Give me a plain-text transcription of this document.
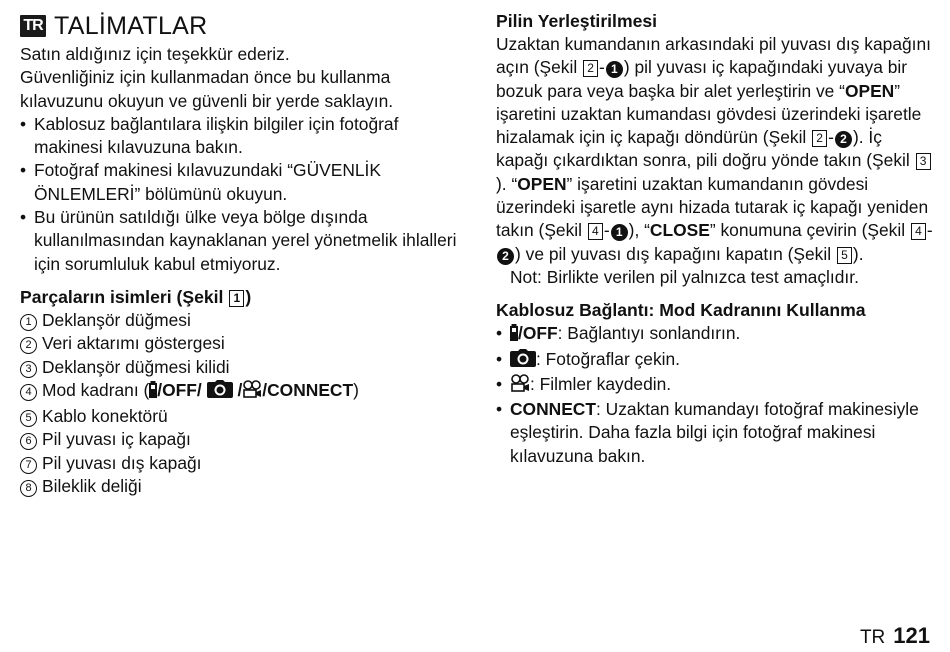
TR TALİMATLAR

Satın aldığınız için teşekkür ederiz.

Güvenliğiniz için kullanmadan önce bu kullanma kılavuzunu okuyun ve güvenli bir yerde saklayın.

• Kablosuz bağlantılara ilişkin bilgiler için fotoğraf makinesi kılavuzuna bakın.
• Fotoğraf makinesi kılavuzundaki “GÜVENLİK ÖNLEMLERİ” bölümünü okuyun.
• Bu ürünün satıldığı ülke veya bölge dışında kullanılmasından kaynaklanan yerel yönetmelik ihlalleri için sorumluluk kabul etmiyoruz.
Parçaların isimleri (Şekil 1 )
1 Deklanşör düğmesi
2 Veri aktarımı göstergesi
3 Deklanşör düğmesi kilidi
4 Mod kadranı ( /OFF/ / /CONNECT)
5 Kablo konektörü
6 Pil yuvası iç kapağı
7 Pil yuvası dış kapağı
8 Bileklik deliği
Pilin Yerleştirilmesi

Uzaktan kumandanın arkasındaki pil yuvası dış kapağını açın (Şekil 2 - 1 ) pil yuvası iç kapağındaki yuvaya bir bozuk para veya başka bir alet yerleştirin ve “OPEN” işaretini uzaktan kumandası gövdesi üzerindeki işaretle hizalamak için iç kapağı döndürün (Şekil 2 - 2 ). İç kapağı çıkardıktan sonra, pili doğru yönde takın (Şekil 3). “OPEN” işaretini uzaktan kumandanın gövdesi üzerindeki işaretle aynı hizada tutarak iç kapağı yeniden takın (Şekil 4 - 1 ), “CLOSE” konumuna çevirin (Şekil 4 -2 ) ve pil yuvası dış kapağını kapatın (Şekil 5 ).

Not: Birlikte verilen pil yalnızca test amaçlıdır.

Kablosuz Bağlantı: Mod Kadranını Kullanma
• /OFF: Bağlantıyı sonlandırın.
• : Fotoğraflar çekin.
• : Filmler kaydedin.
• CONNECT: Uzaktan kumandayı fotoğraf makinesiyle eşleştirin. Daha fazla bilgi için fotoğraf makinesi kılavuzuna bakın.
TR 121
